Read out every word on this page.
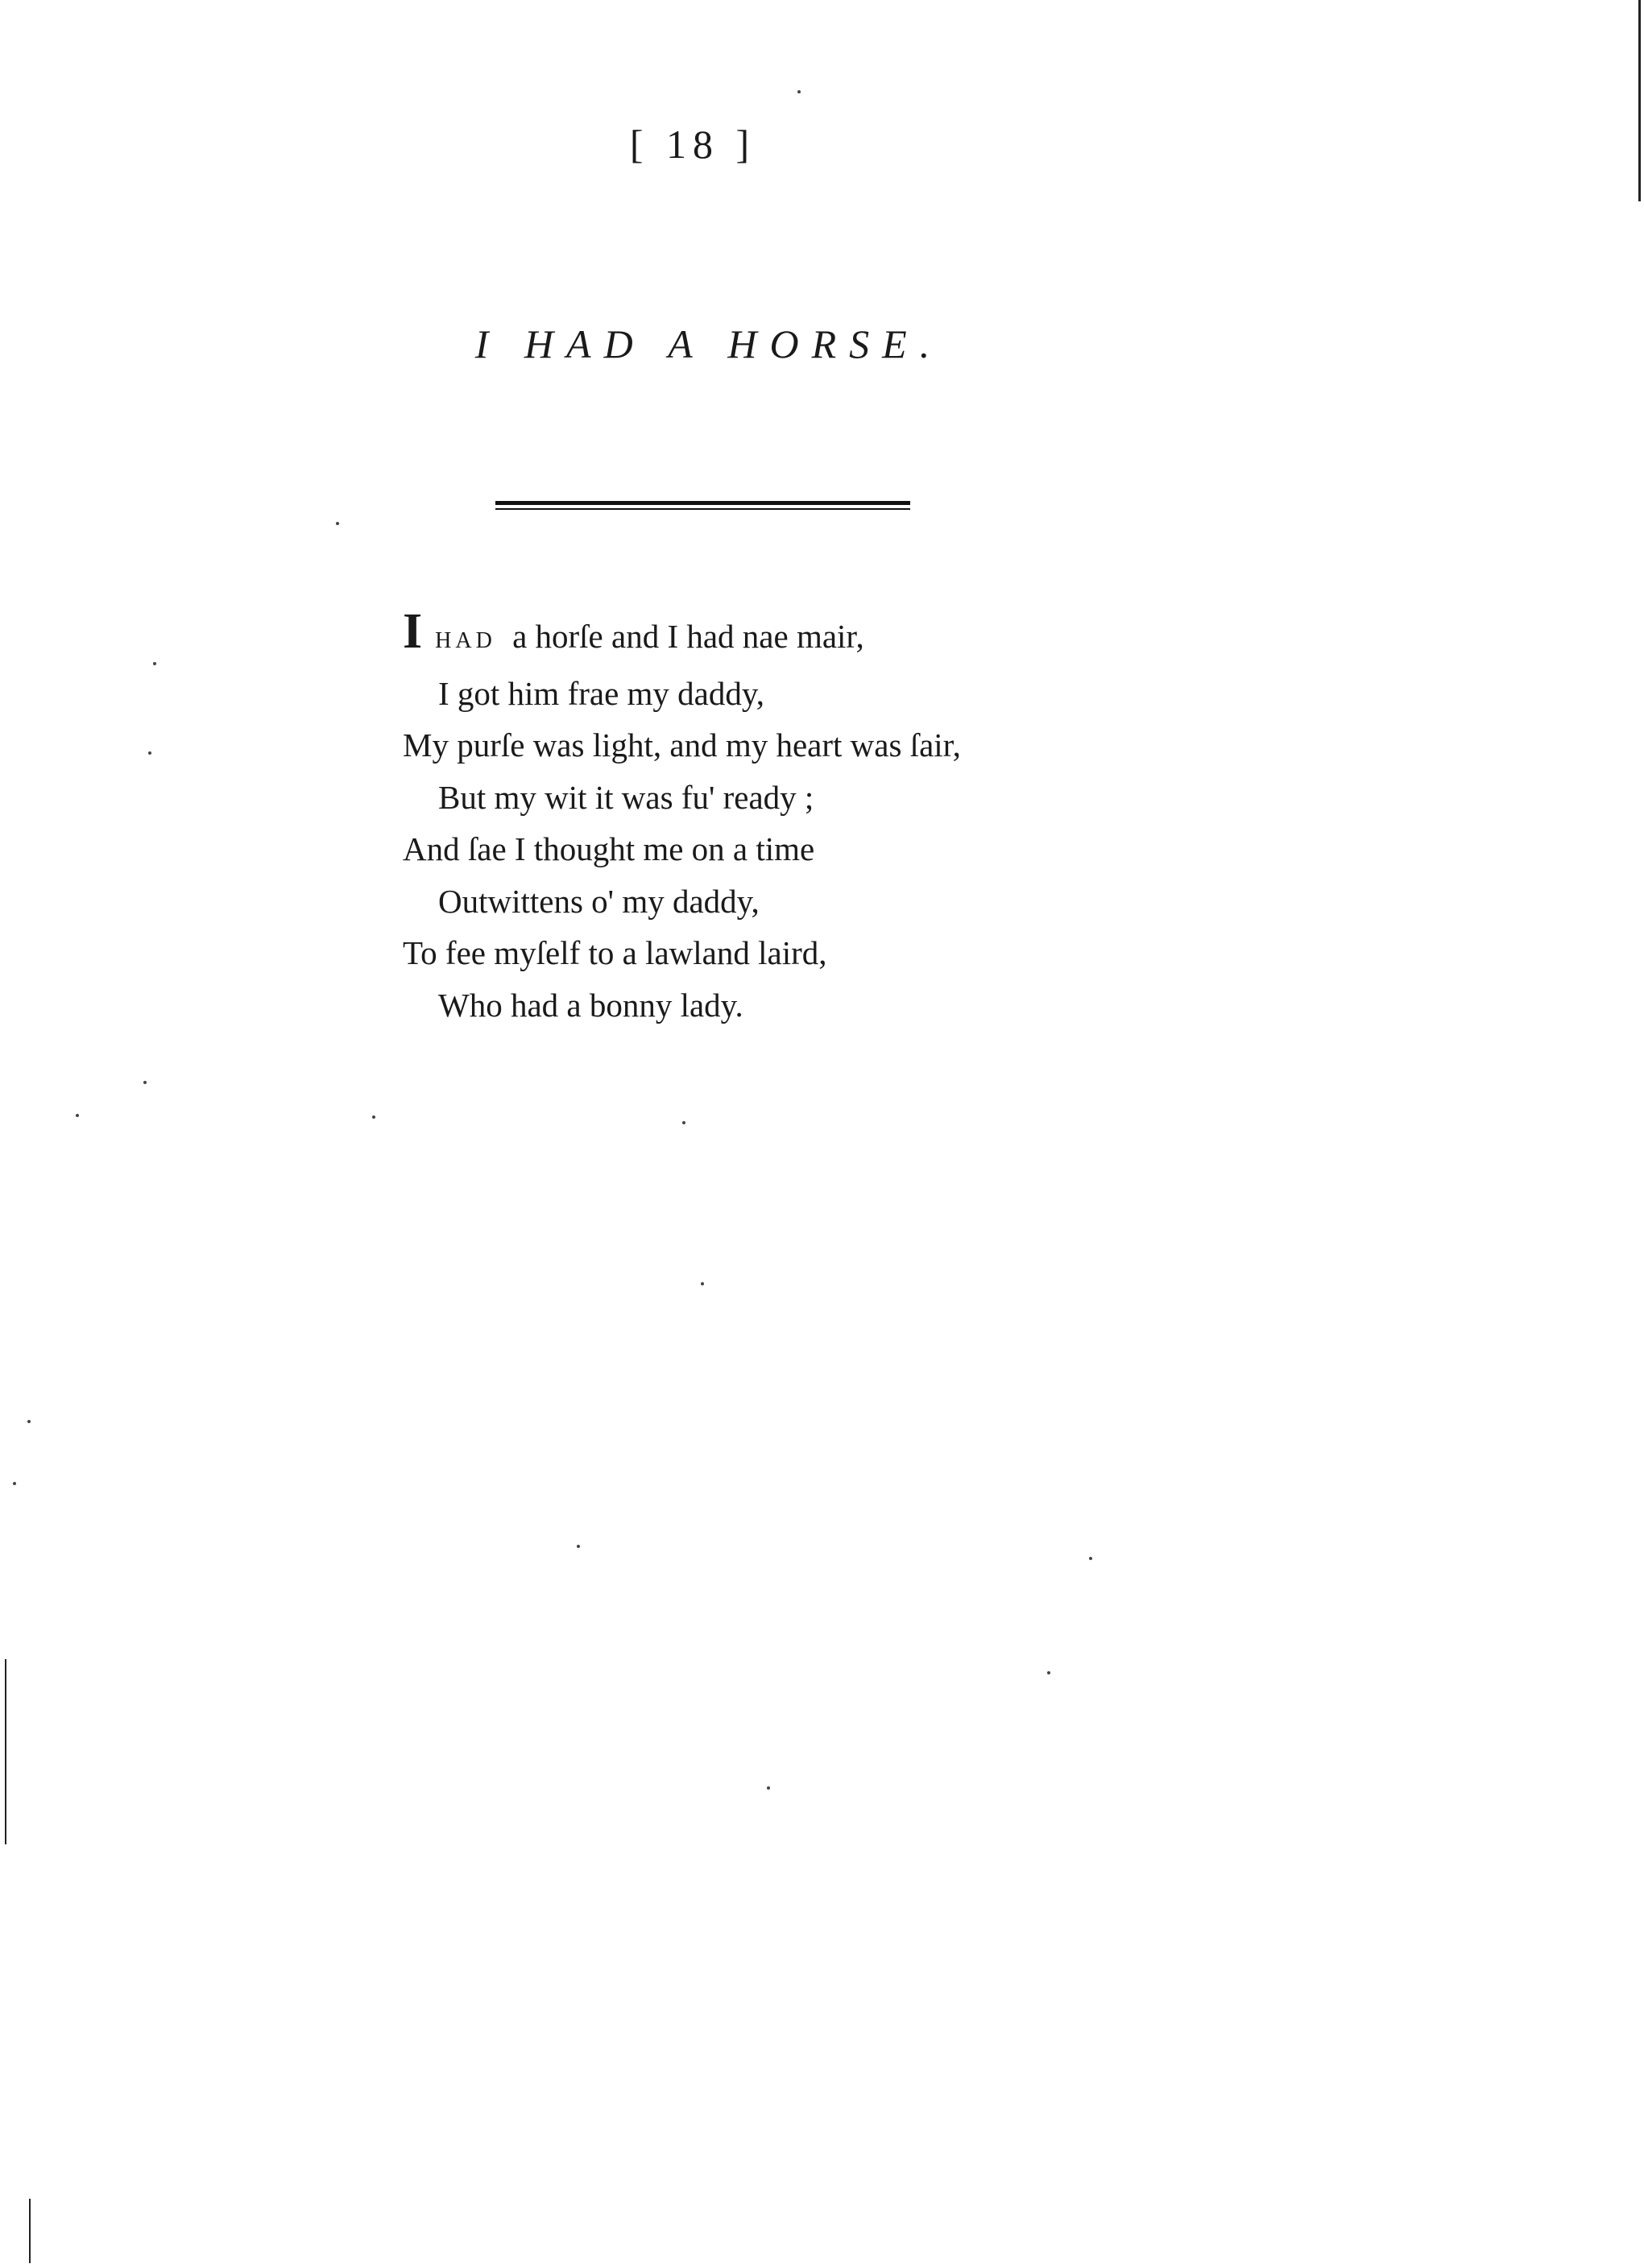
[ 18 ]
I HAD A HORSE.
IHAD a horſe and I had nae mair,
I got him frae my daddy,
My purſe was light, and my heart was ſair,
But my wit it was fu' ready ;
And ſae I thought me on a time
Outwittens o' my daddy,
To fee myſelf to a lawland laird,
Who had a bonny lady.
